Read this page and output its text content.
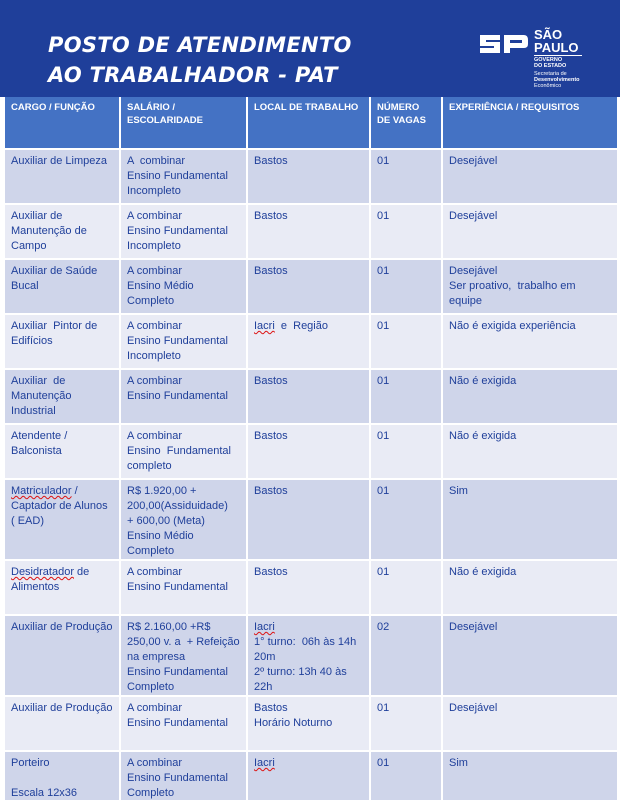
POSTO DE ATENDIMENTO
AO TRABALHADOR - PAT
SÃO
PAULO
GOVERNO
DO ESTADO
Secretaria de
Desenvolvimento
Econômico
CARGO / FUNÇÃO	SALÁRIO / ESCOLARIDADE	LOCAL DE TRABALHO	NÚMERO DE VAGAS	EXPERIÊNCIA / REQUISITOS

Auxiliar de Limpeza	A  combinar
Ensino Fundamental
Incompleto	Bastos	01	Desejável

Auxiliar de
Manutenção de
Campo	A combinar
Ensino Fundamental
Incompleto	Bastos	01	Desejável

Auxiliar de Saúde
Bucal	A combinar
Ensino Médio
Completo	Bastos	01	Desejável
Ser proativo,  trabalho em equipe

Auxiliar  Pintor de
Edifícios	A combinar
Ensino Fundamental
Incompleto	Iacri  e  Região	01	Não é exigida experiência

Auxiliar  de
Manutenção
Industrial	A combinar
Ensino Fundamental	Bastos	01	Não é exigida

Atendente /
Balconista	A combinar
Ensino  Fundamental
completo	Bastos	01	Não é exigida

Matriculador /
Captador de Alunos
( EAD)	R$ 1.920,00 +
200,00(Assiduidade)
+ 600,00 (Meta)
Ensino Médio
Completo	Bastos	01	Sim

Desidratador de
Alimentos	A combinar
Ensino Fundamental	Bastos	01	Não é exigida

Auxiliar de Produção	R$ 2.160,00 +R$
250,00 v. a  + Refeição
na empresa
Ensino Fundamental
Completo	Iacri
1° turno:  06h às 14h
20m
2º turno: 13h 40 às
22h	02	Desejável

Auxiliar de Produção	A combinar
Ensino Fundamental	Bastos
Horário Noturno	01	Desejável

Porteiro

Escala 12x36	A combinar
Ensino Fundamental
Completo	Iacri	01	Sim
